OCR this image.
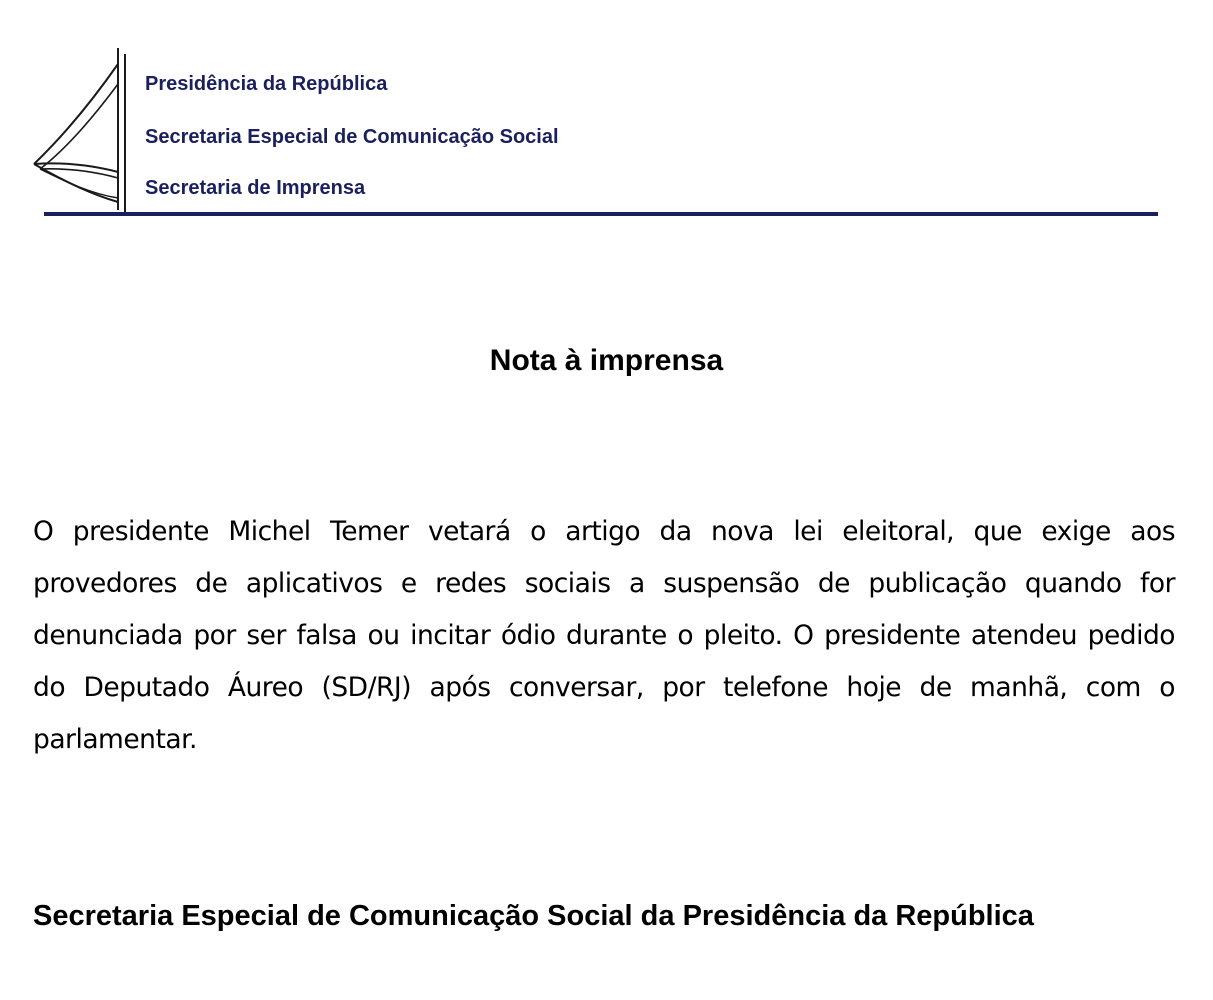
Presidência da República
Secretaria Especial de Comunicação Social
Secretaria de Imprensa
Nota à imprensa
O presidente Michel Temer vetará o artigo da nova lei eleitoral, que exige aos provedores de aplicativos e redes sociais a suspensão de publicação quando for denunciada por ser falsa ou incitar ódio durante o pleito. O presidente atendeu pedido do Deputado Áureo (SD/RJ) após conversar, por telefone hoje de manhã, com o parlamentar.
Secretaria Especial de Comunicação Social da Presidência da República
